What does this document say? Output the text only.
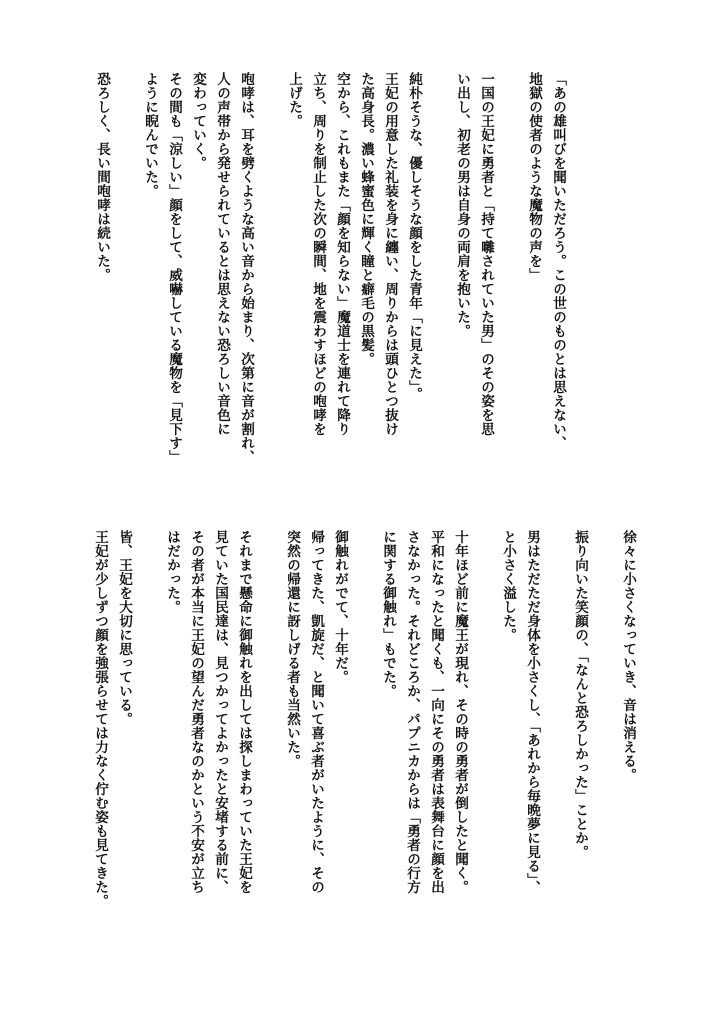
「あの雄叫びを聞いただろう。この世のものとは思えない、
地獄の使者のような魔物の声を」
一国の王妃に勇者と「持て囃されていた男」のその姿を思
い出し、初老の男は自身の両肩を抱いた。
純朴そうな、優しそうな顔をした青年「に見えた」。
王妃の用意した礼装を身に纏い、周りからは頭ひとつ抜け
た高身長。濃い蜂蜜色に輝く瞳と癖毛の黒髪。
空から、これもまた「顔を知らない」魔道士を連れて降り
立ち、周りを制止した次の瞬間、地を震わすほどの咆哮を
上げた。
咆哮は、耳を劈くような高い音から始まり、次第に音が割れ、
人の声帯から発せられているとは思えない恐ろしい音色に
変わっていく。
その間も「涼しい」顔をして、威嚇している魔物を「見下す」
ように睨んでいた。
恐ろしく、長い間咆哮は続いた。
徐々に小さくなっていき、音は消える。
振り向いた笑顔の、「なんと恐ろしかった」ことか。
男はただただ身体を小さくし、「あれから毎晩夢に見る」、
と小さく溢した。
十年ほど前に魔王が現れ、その時の勇者が倒したと聞く。
平和になったと聞くも、一向にその勇者は表舞台に顔を出
さなかった。それどころか、パプニカからは「勇者の行方
に関する御触れ」もでた。
御触れがでて、十年だ。
帰ってきた、凱旋だ、と聞いて喜ぶ者がいたように、その
突然の帰還に訝しげる者も当然いた。
それまで懸命に御触れを出しては探しまわっていた王妃を
見ていた国民達は、見つかってよかったと安堵する前に、
その者が本当に王妃の望んだ勇者なのかという不安が立ち
はだかった。
皆、王妃を大切に思っている。
王妃が少しずつ顔を強張らせては力なく佇む姿も見てきた。
